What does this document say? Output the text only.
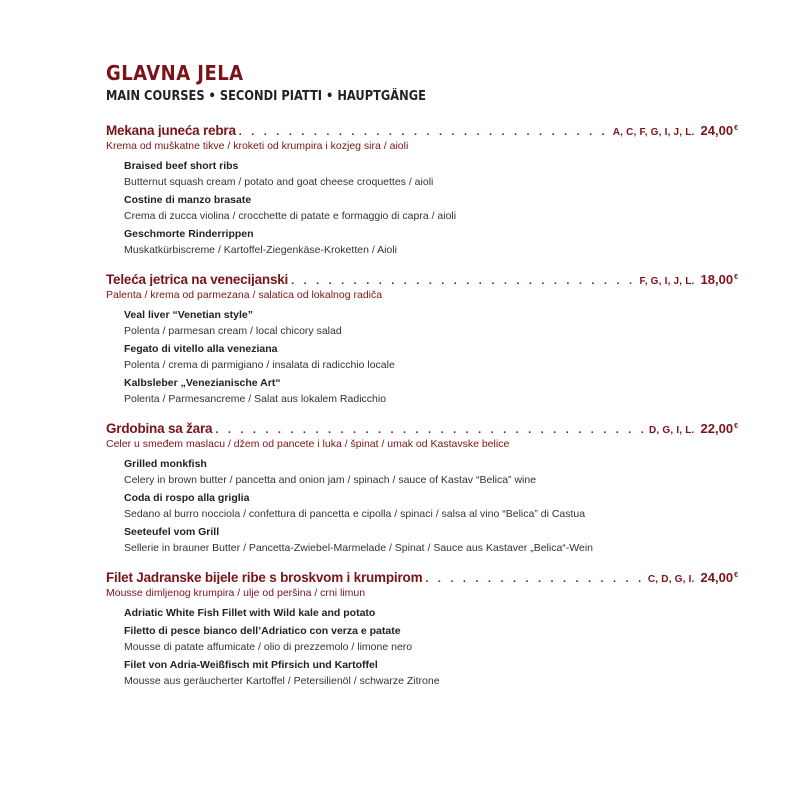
GLAVNA JELA
MAIN COURSES • SECONDI PIATTI • HAUPTGÄNGE
Mekana juneća rebra . . .	A, C, F, G, I, J, L. 24,00€
Krema od muškatne tikve / kroketi od krumpira i kozjeg sira / aioli
Braised beef short ribs
Butternut squash cream / potato and goat cheese croquettes / aioli
Costine di manzo brasate
Crema di zucca violina / crocchette di patate e formaggio di capra / aioli
Geschmorte Rinderrippen
Muskatkürbiscreme / Kartoffel-Ziegenkäse-Kroketten / Aioli
Teleća jetrica na venecijanski . . .	F, G, I, J, L. 18,00€
Palenta / krema od parmezana / salatica od lokalnog radiča
Veal liver “Venetian style”
Polenta / parmesan cream / local chicory salad
Fegato di vitello alla veneziana
Polenta / crema di parmigiano / insalata di radicchio locale
Kalbsleber „Venezianische Art“
Polenta / Parmesancreme / Salat aus lokalem Radicchio
Grdobina sa žara . . .	D, G, I, L. 22,00€
Celer u smeđem maslacu / džem od pancete i luka / špinat / umak od Kastavske belice
Grilled monkfish
Celery in brown butter / pancetta and onion jam / spinach / sauce of Kastav “Belica” wine
Coda di rospo alla griglia
Sedano al burro nocciola / confettura di pancetta e cipolla / spinaci / salsa al vino “Belica” di Castua
Seeteufel vom Grill
Sellerie in brauner Butter / Pancetta-Zwiebel-Marmelade / Spinat / Sauce aus Kastaver „Belica“-Wein
Filet Jadranske bijele ribe s broskvom i krumpirom . . .	C, D, G, I. 24,00€
Mousse dimljenog krumpira / ulje od peršina / crni limun
Adriatic White Fish Fillet with Wild kale and potato
Filetto di pesce bianco dell’Adriatico con verza e patate
Mousse di patate affumicate / olio di prezzemolo / limone nero
Filet von Adria-Weißfisch mit Pfirsich und Kartoffel
Mousse aus geräucherter Kartoffel / Petersilienöl / schwarze Zitrone
